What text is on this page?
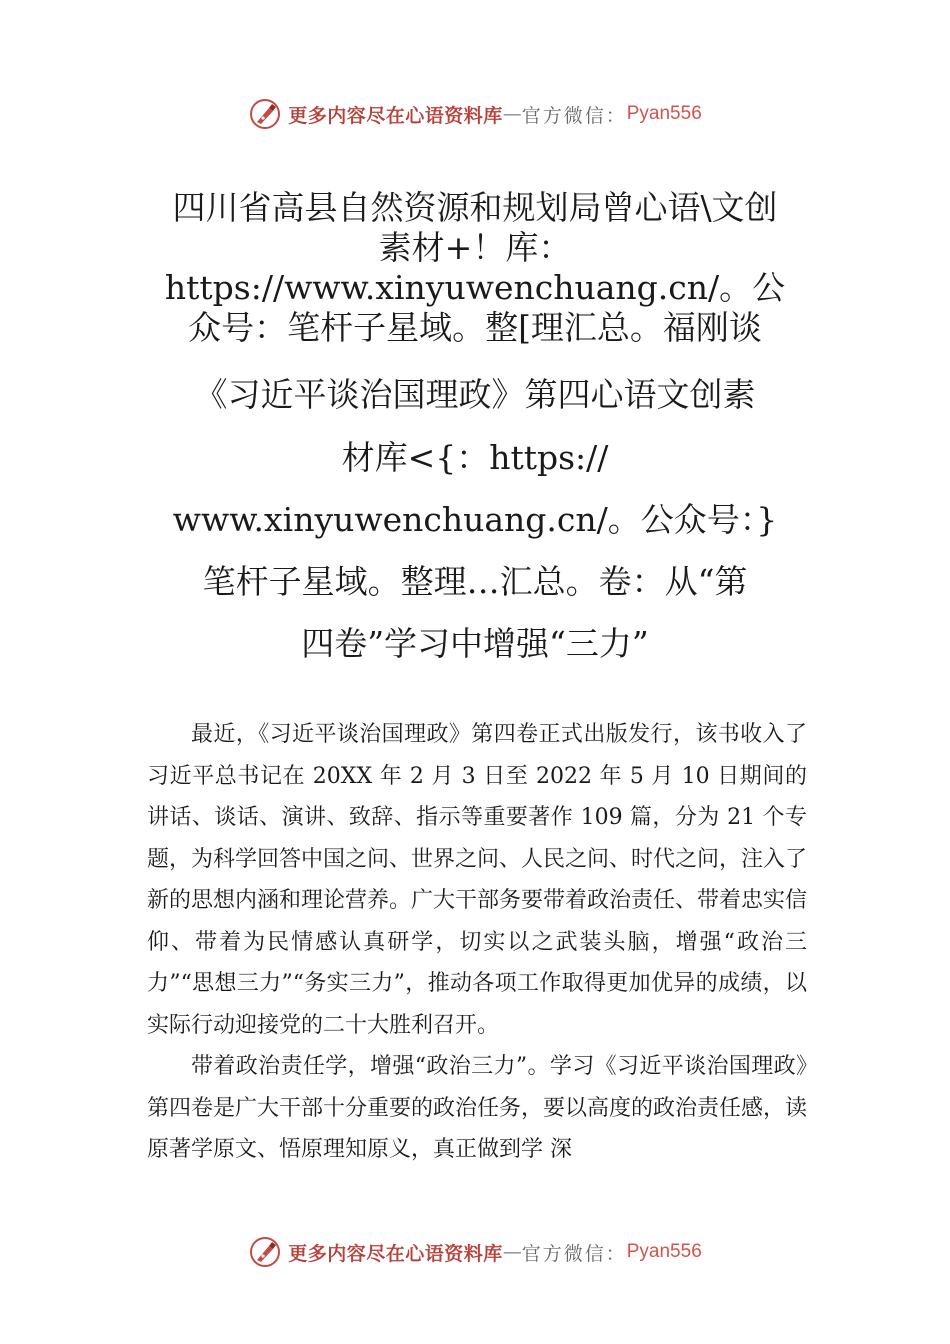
更多内容尽在心语资料库 — 官方微信： Pyan556
四川省高县自然资源和规划局曾心语\文创素材+！库：https://www.xinyuwenchuang.cn/。公众号：笔杆子星域。整[理汇总。福刚谈
《习近平谈治国理政》第四心语文创素
材库<{：https://
www.xinyuwenchuang.cn/。公众号：}
笔杆子星域。整理…汇总。卷：从“第
四卷”学习中增强“三力”

最近，《习近平谈治国理政》第四卷正式出版发行，该书收入了习近平总书记在 20XX 年 2 月 3 日至 2022 年 5 月 10 日期间的讲话、谈话、演讲、致辞、指示等重要著作 109 篇，分为 21 个专题，为科学回答中国之问、世界之问、人民之问、时代之问，注入了新的思想内涵和理论营养。广大干部务要带着政治责任、带着忠实信仰、带着为民情感认真研学，切实以之武装头脑，增强“政治三力”“思想三力”“务实三力”，推动各项工作取得更加优异的成绩，以实际行动迎接党的二十大胜利召开。

带着政治责任学，增强“政治三力”。学习《习近平谈治国理政》第四卷是广大干部十分重要的政治任务，要以高度的政治责任感，读原著学原文、悟原理知原义，真正做到学 深

更多内容尽在心语资料库 — 官方微信： Pyan556
